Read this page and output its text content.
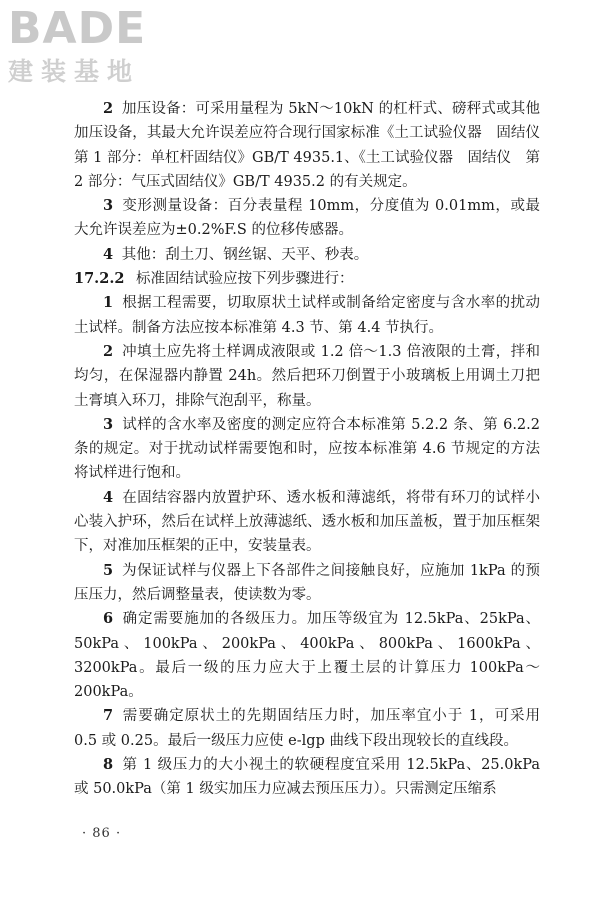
BADE
建装基地

2 加压设备：可采用量程为 5kN～10kN 的杠杆式、磅秤式或其他加压设备，其最大允许误差应符合现行国家标准《土工试验仪器　固结仪　第 1 部分：单杠杆固结仪》GB/T 4935.1、《土工试验仪器　固结仪　第 2 部分：气压式固结仪》GB/T 4935.2 的有关规定。

3 变形测量设备：百分表量程 10mm，分度值为 0.01mm，或最大允许误差应为±0.2%F.S 的位移传感器。

4 其他：刮土刀、钢丝锯、天平、秒表。

17.2.2 标准固结试验应按下列步骤进行：

1 根据工程需要，切取原状土试样或制备给定密度与含水率的扰动土试样。制备方法应按本标准第 4.3 节、第 4.4 节执行。

2 冲填土应先将土样调成液限或 1.2 倍～1.3 倍液限的土膏，拌和均匀，在保湿器内静置 24h。然后把环刀倒置于小玻璃板上用调土刀把土膏填入环刀，排除气泡刮平，称量。

3 试样的含水率及密度的测定应符合本标准第 5.2.2 条、第 6.2.2 条的规定。对于扰动试样需要饱和时，应按本标准第 4.6 节规定的方法将试样进行饱和。

4 在固结容器内放置护环、透水板和薄滤纸，将带有环刀的试样小心装入护环，然后在试样上放薄滤纸、透水板和加压盖板，置于加压框架下，对准加压框架的正中，安装量表。

5 为保证试样与仪器上下各部件之间接触良好，应施加 1kPa 的预压压力，然后调整量表，使读数为零。

6 确定需要施加的各级压力。加压等级宜为 12.5kPa、25kPa、50kPa、100kPa、200kPa、400kPa、800kPa、1600kPa、3200kPa。最后一级的压力应大于上覆土层的计算压力 100kPa～200kPa。

7 需要确定原状土的先期固结压力时，加压率宜小于 1，可采用 0.5 或 0.25。最后一级压力应使 e-lgp 曲线下段出现较长的直线段。

8 第 1 级压力的大小视土的软硬程度宜采用 12.5kPa、25.0kPa 或 50.0kPa（第 1 级实加压力应减去预压压力）。只需测定压缩系

· 86 ·
